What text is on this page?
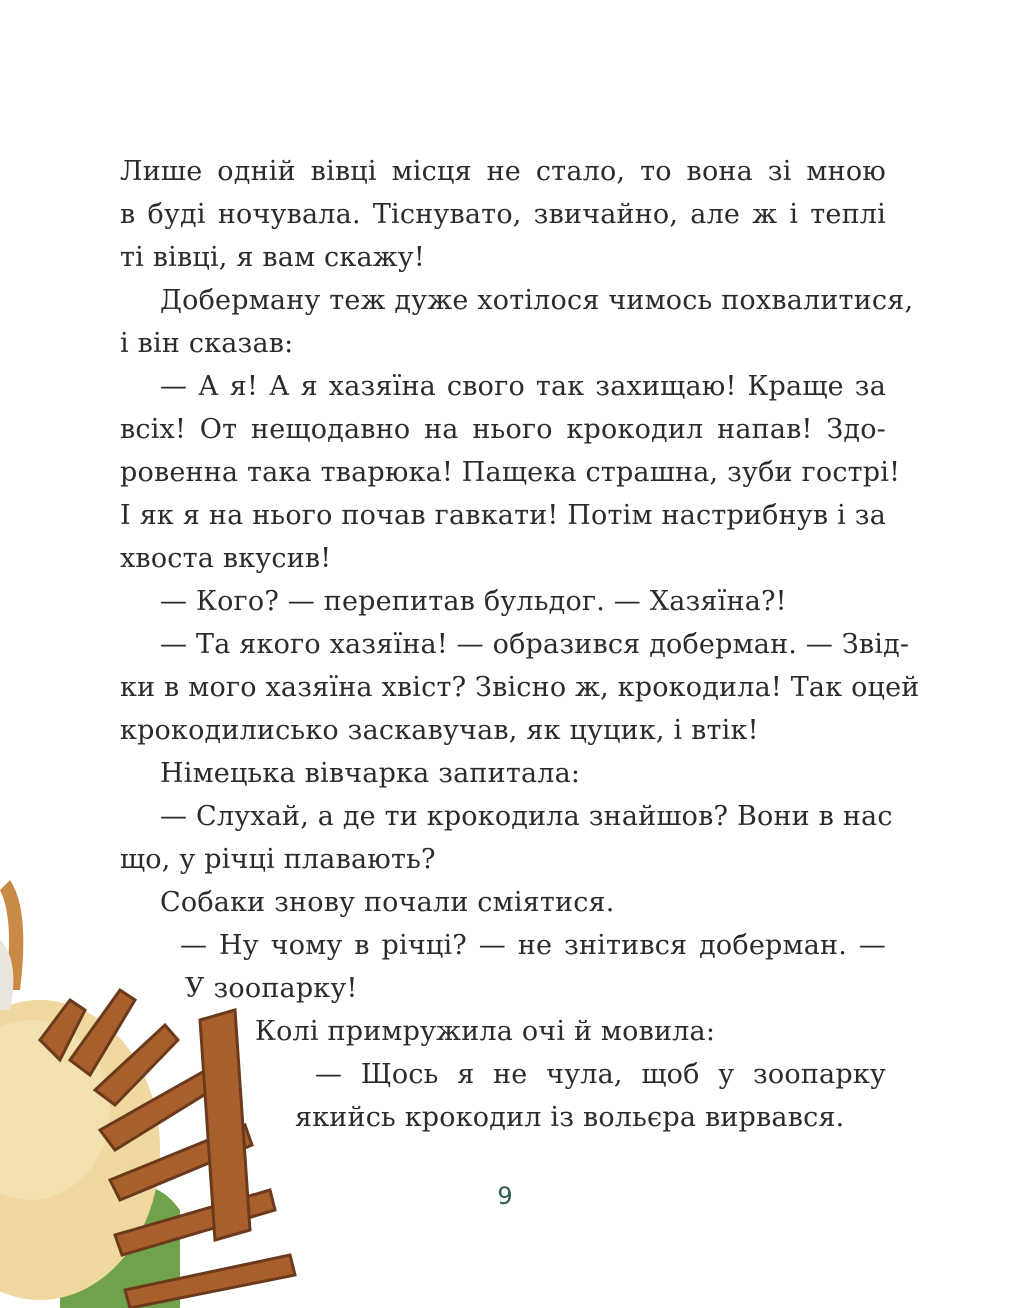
Лише одній вівці місця не стало, то вона зі мною
в буді ночувала. Тіснувато, звичайно, але ж і теплі
ті вівці, я вам скажу!
Доберману теж дуже хотілося чимось похвалитися,
і він сказав:
— А я! А я хазяїна свого так захищаю! Краще за
всіх! От нещодавно на нього крокодил напав! Здо-
ровенна така тварюка! Пащека страшна, зуби гострі!
І як я на нього почав гавкати! Потім настрибнув і за
хвоста вкусив!
— Кого? — перепитав бульдог. — Хазяїна?!
— Та якого хазяїна! — образився доберман. — Звід-
ки в мого хазяїна хвіст? Звісно ж, крокодила! Так оцей
крокодилисько заскавучав, як цуцик, і втік!
Німецька вівчарка запитала:
— Слухай, а де ти крокодила знайшов? Вони в нас
що, у річці плавають?
Собаки знову почали сміятися.
— Ну чому в річці? — не знітився доберман. —
У зоопарку!
Колі примружила очі й мовила:
— Щось я не чула, щоб у зоопарку
якийсь крокодил із вольєра вирвався.
9
